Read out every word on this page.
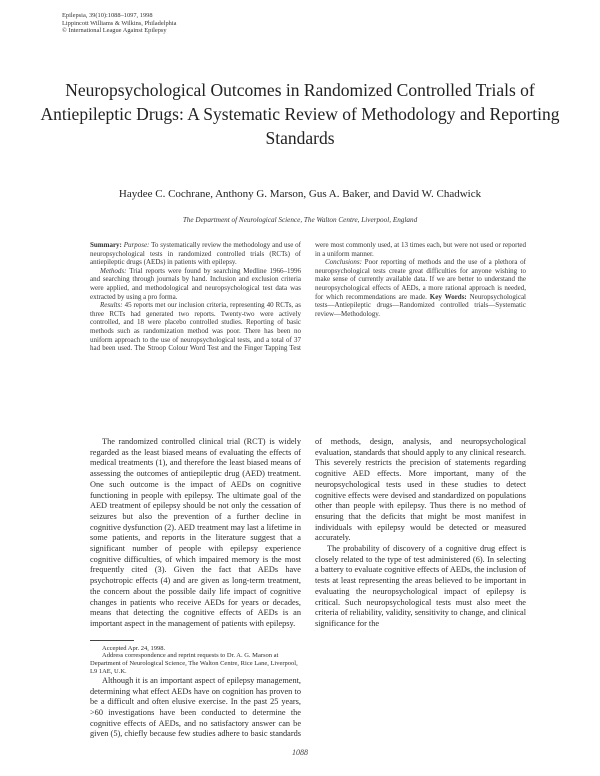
Epilepsia, 39(10):1088–1097, 1998
Lippincott Williams & Wilkins, Philadelphia
© International League Against Epilepsy
Neuropsychological Outcomes in Randomized Controlled Trials of Antiepileptic Drugs: A Systematic Review of Methodology and Reporting Standards
Haydee C. Cochrane, Anthony G. Marson, Gus A. Baker, and David W. Chadwick
The Department of Neurological Science, The Walton Centre, Liverpool, England

Summary: Purpose: To systematically review the methodology and use of neuropsychological tests in randomized controlled trials (RCTs) of antiepileptic drugs (AEDs) in patients with epilepsy.

Methods: Trial reports were found by searching Medline 1966–1996 and searching through journals by hand. Inclusion and exclusion criteria were applied, and methodological and neuropsychological test data was extracted by using a pro forma.

Results: 45 reports met our inclusion criteria, representing 40 RCTs, as three RCTs had generated two reports. Twenty-two were actively controlled, and 18 were placebo controlled studies. Reporting of basic methods such as randomization method was poor. There has been no uniform approach to the use of neuropsychological tests, and a total of 37 had been used. The Stroop Colour Word Test and the Finger Tapping Test were most commonly used, at 13 times each, but were not used or reported in a uniform manner.

Conclusions: Poor reporting of methods and the use of a plethora of neuropsychological tests create great difficulties for anyone wishing to make sense of currently available data. If we are better to understand the neuropsychological effects of AEDs, a more rational approach is needed, for which recommendations are made. Key Words: Neuropsychological tests—Antiepileptic drugs—Randomized controlled trials—Systematic review—Methodology.

The randomized controlled clinical trial (RCT) is widely regarded as the least biased means of evaluating the effects of medical treatments (1), and therefore the least biased means of assessing the outcomes of antiepileptic drug (AED) treatment. One such outcome is the impact of AEDs on cognitive functioning in people with epilepsy. The ultimate goal of the AED treatment of epilepsy should be not only the cessation of seizures but also the prevention of a further decline in cognitive dysfunction (2). AED treatment may last a lifetime in some patients, and reports in the literature suggest that a significant number of people with epilepsy experience cognitive difficulties, of which impaired memory is the most frequently cited (3). Given the fact that AEDs have psychotropic effects (4) and are given as long-term treatment, the concern about the possible daily life impact of cognitive changes in patients who receive AEDs for years or decades, means that detecting the cognitive effects of AEDs is an important aspect in the management of patients with epilepsy.

Accepted Apr. 24, 1998.

Address correspondence and reprint requests to Dr. A. G. Marson at Department of Neurological Science, The Walton Centre, Rice Lane, Liverpool, L9 1AE, U.K.

Although it is an important aspect of epilepsy management, determining what effect AEDs have on cognition has proven to be a difficult and often elusive exercise. In the past 25 years, >60 investigations have been conducted to determine the cognitive effects of AEDs, and no satisfactory answer can be given (5), chiefly because few studies adhere to basic standards of methods, design, analysis, and neuropsychological evaluation, standards that should apply to any clinical research. This severely restricts the precision of statements regarding cognitive AED effects. More important, many of the neuropsychological tests used in these studies to detect cognitive effects were devised and standardized on populations other than people with epilepsy. Thus there is no method of ensuring that the deficits that might be most manifest in individuals with epilepsy would be detected or measured accurately.

The probability of discovery of a cognitive drug effect is closely related to the type of test administered (6). In selecting a battery to evaluate cognitive effects of AEDs, the inclusion of tests at least representing the areas believed to be important in evaluating the neuropsychological impact of epilepsy is critical. Such neuropsychological tests must also meet the criteria of reliability, validity, sensitivity to change, and clinical significance for the

1088
